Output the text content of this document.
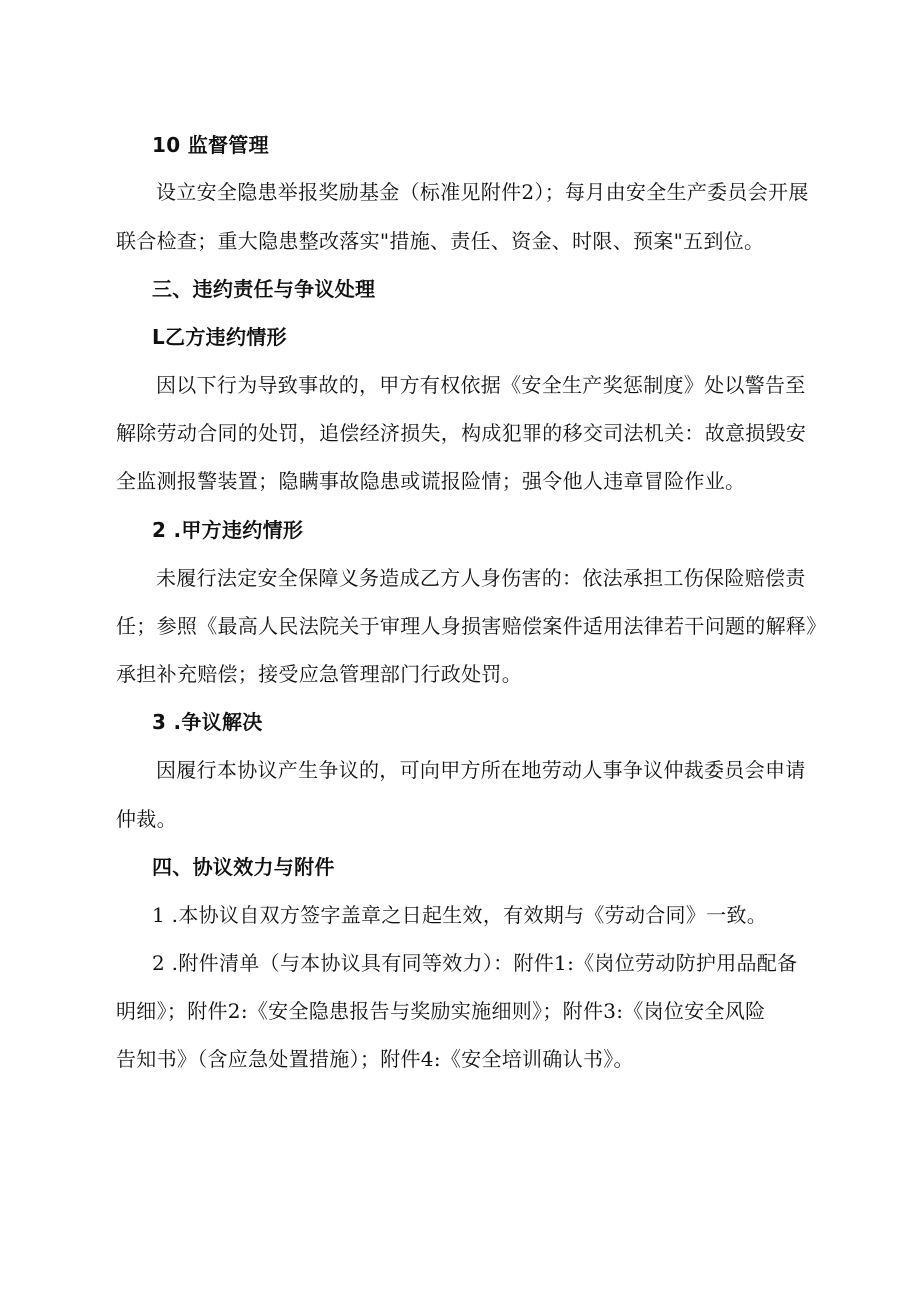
10 监督管理
设立安全隐患举报奖励基金（标准见附件2）；每月由安全生产委员会开展
联合检查；重大隐患整改落实"措施、责任、资金、时限、预案"五到位。
三、违约责任与争议处理
L乙方违约情形
因以下行为导致事故的，甲方有权依据《安全生产奖惩制度》处以警告至
解除劳动合同的处罚，追偿经济损失，构成犯罪的移交司法机关：故意损毁安
全监测报警装置；隐瞒事故隐患或谎报险情；强令他人违章冒险作业。
2 .甲方违约情形
未履行法定安全保障义务造成乙方人身伤害的：依法承担工伤保险赔偿责
任；参照《最高人民法院关于审理人身损害赔偿案件适用法律若干问题的解释》
承担补充赔偿；接受应急管理部门行政处罚。
3 .争议解决
因履行本协议产生争议的，可向甲方所在地劳动人事争议仲裁委员会申请
仲裁。
四、协议效力与附件
1 .本协议自双方签字盖章之日起生效，有效期与《劳动合同》一致。
2 .附件清单（与本协议具有同等效力）：附件1:《岗位劳动防护用品配备
明细》；附件2:《安全隐患报告与奖励实施细则》；附件3:《岗位安全风险
告知书》（含应急处置措施）；附件4:《安全培训确认书》。
